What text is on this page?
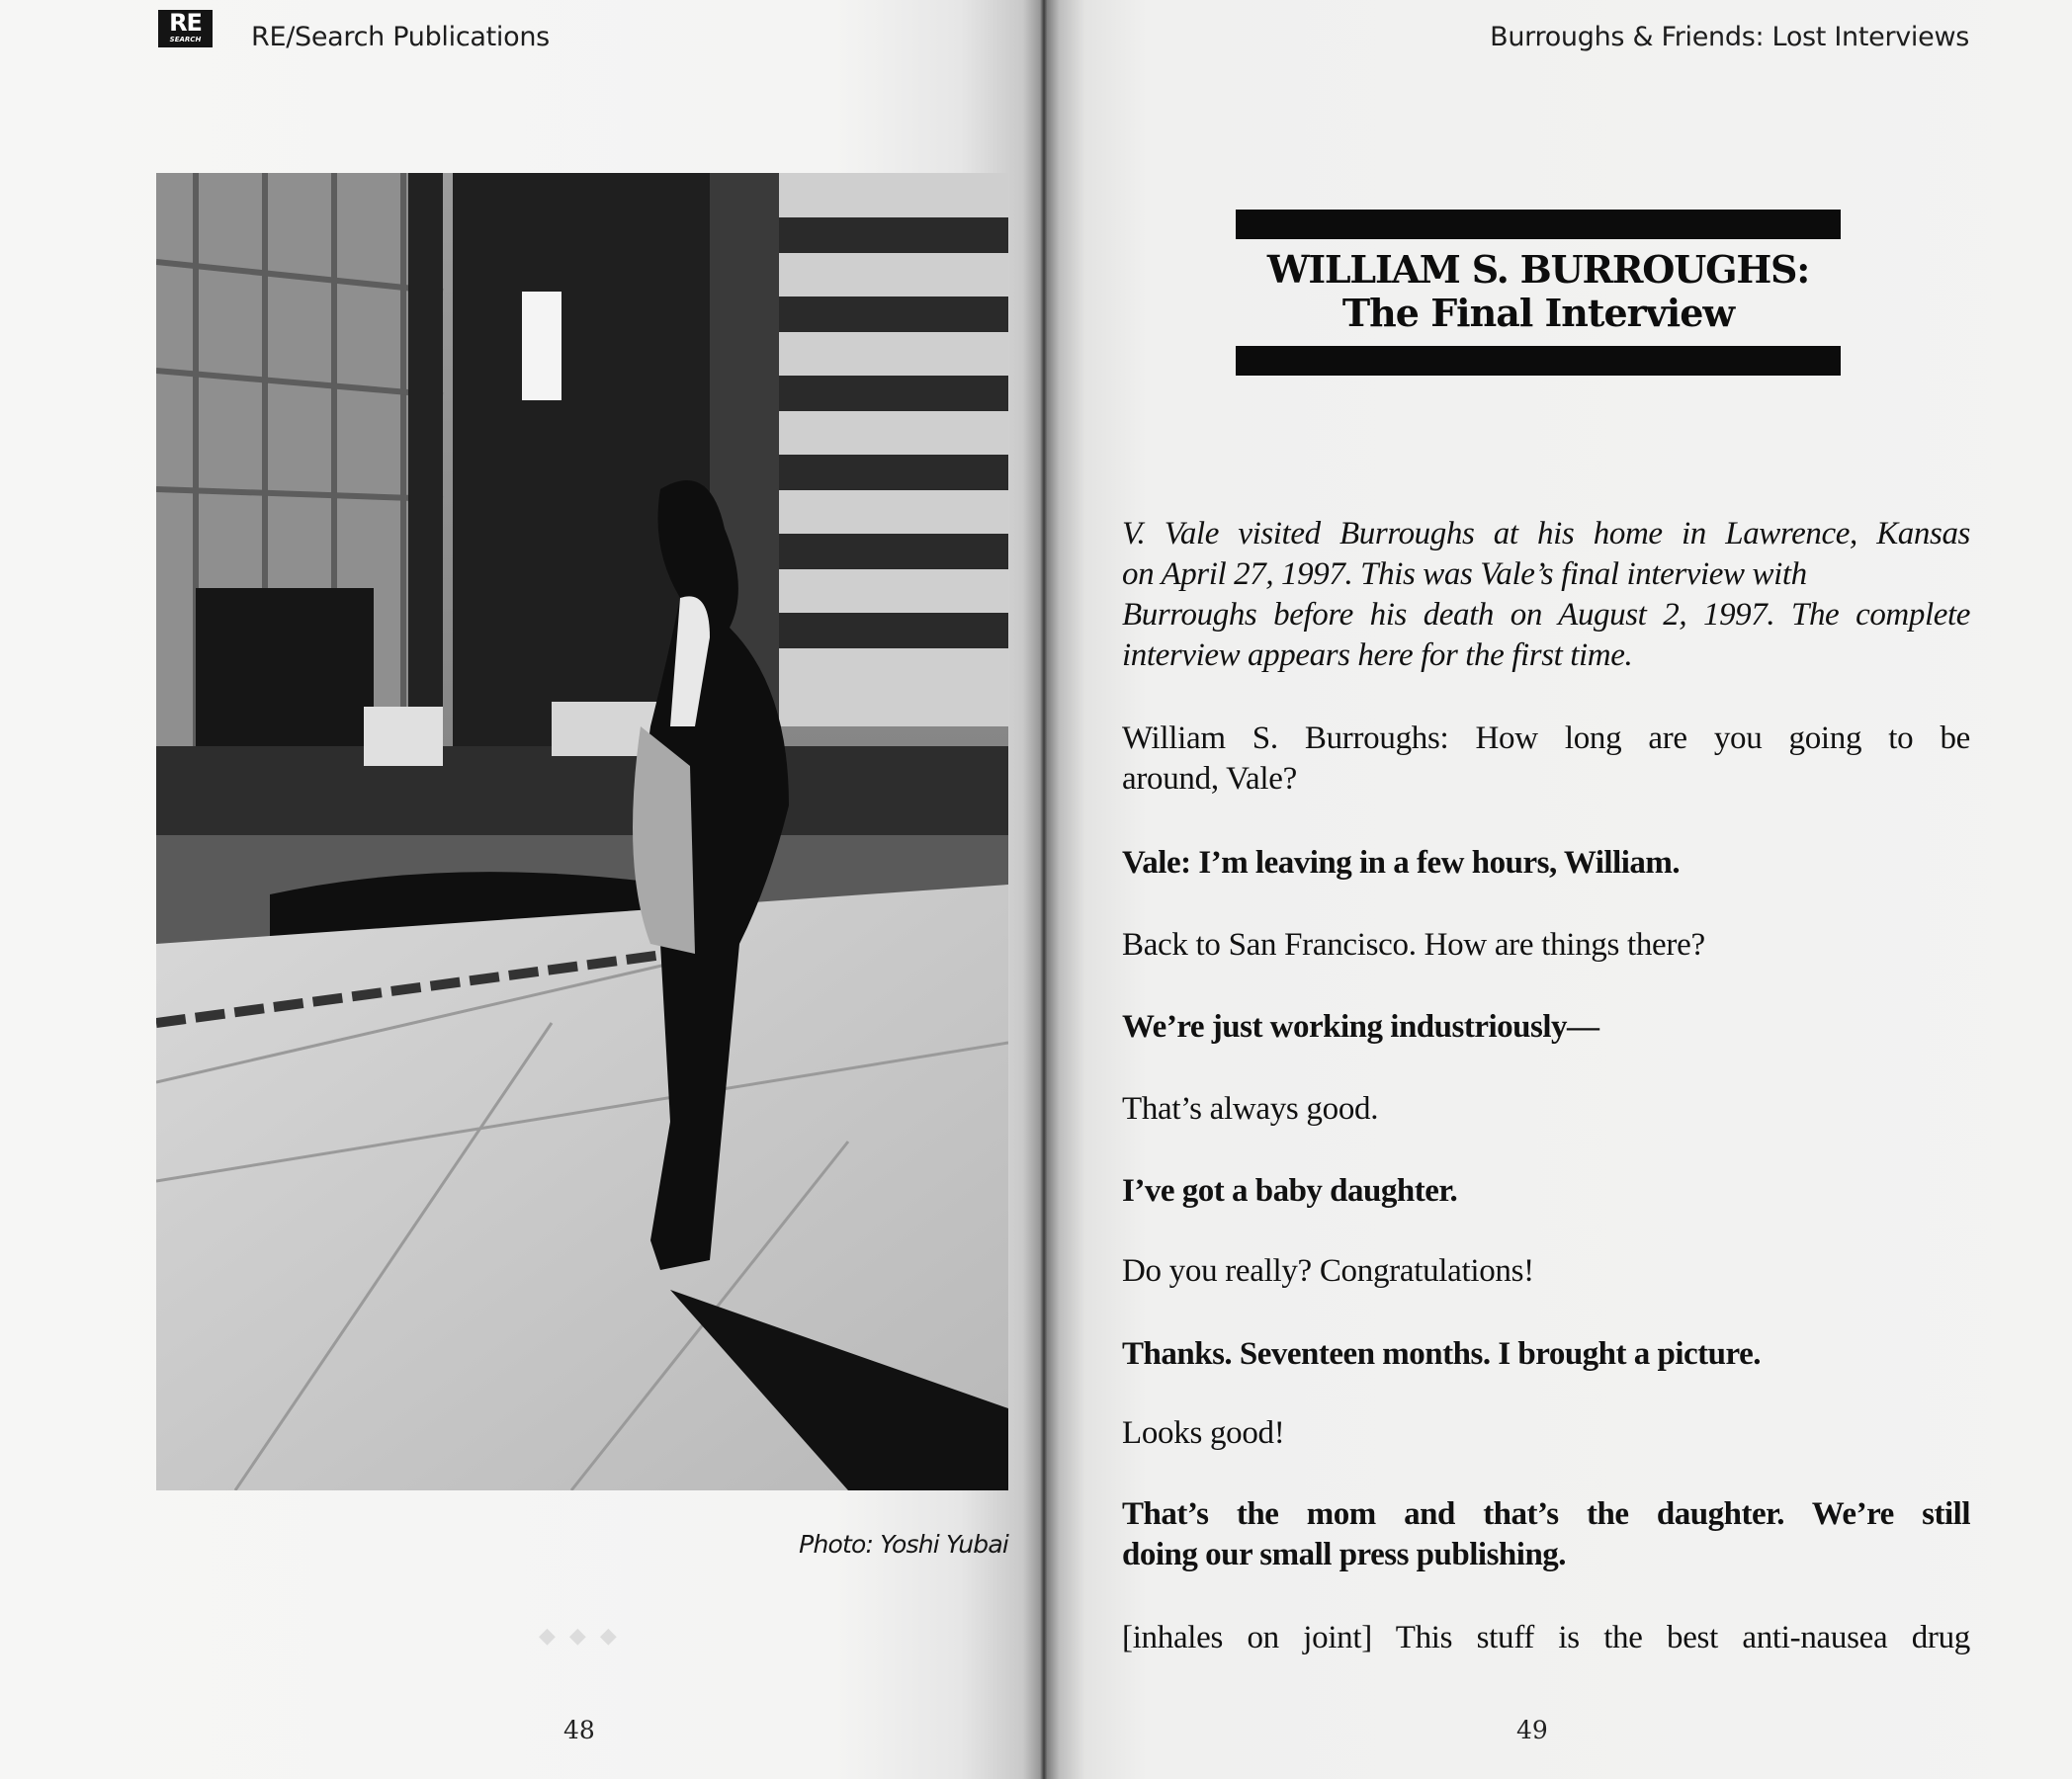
RE
SEARCH	RE/Search Publications
Photo: Yoshi Yubai
◆◆◆
48
Burroughs & Friends: Lost Interviews
WILLIAM S. BURROUGHS:
The Final Interview
V. Vale visited Burroughs at his home in Lawrence, Kansas
on April 27, 1997. This was Vale’s final interview with
Burroughs before his death on August 2, 1997. The complete
interview appears here for the first time.
William S. Burroughs: How long are you going to be
around, Vale?
Vale: I’m leaving in a few hours, William.
Back to San Francisco. How are things there?
We’re just working industriously—
That’s always good.
I’ve got a baby daughter.
Do you really? Congratulations!
Thanks. Seventeen months. I brought a picture.
Looks good!
That’s the mom and that’s the daughter. We’re still
doing our small press publishing.
[inhales on joint] This stuff is the best anti-nausea drug
49
